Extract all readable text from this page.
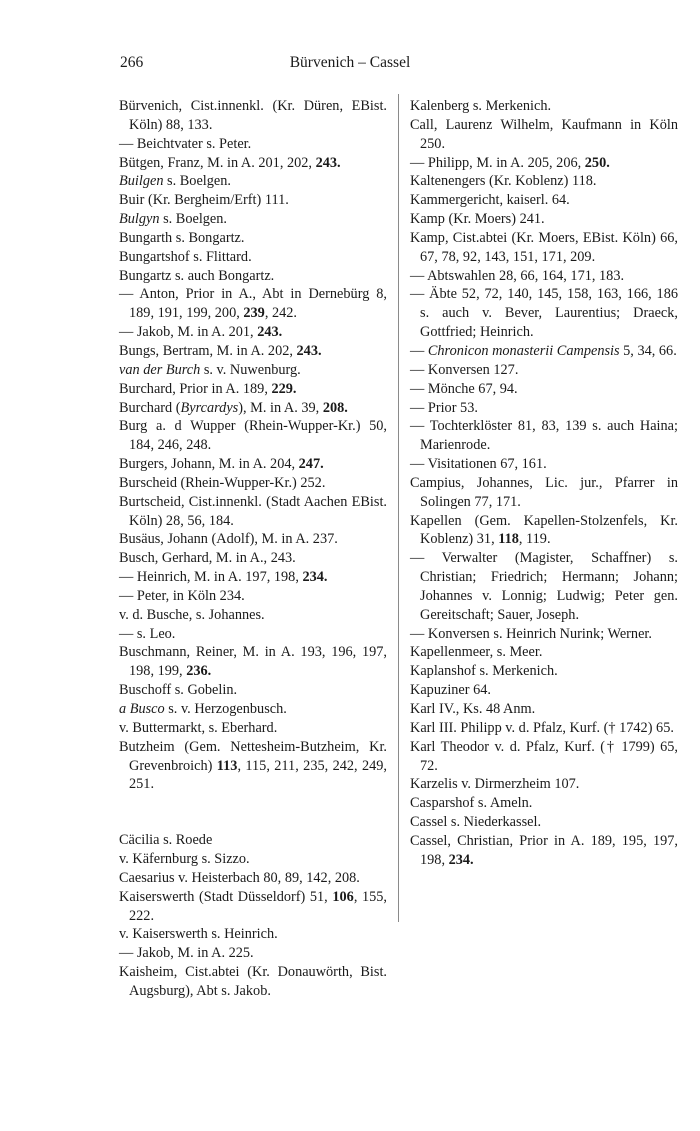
266	Bürvenich – Cassel

Bürvenich, Cist.innenkl. (Kr. Düren, EBist. Köln) 88, 133.

— Beichtvater s. Peter.

Bütgen, Franz, M. in A. 201, 202, 243.

Builgen s. Boelgen.

Buir (Kr. Bergheim/Erft) 111.

Bulgyn s. Boelgen.

Bungarth s. Bongartz.

Bungartshof s. Flittard.

Bungartz s. auch Bongartz.

— Anton, Prior in A., Abt in Dernebürg 8, 189, 191, 199, 200, 239, 242.

— Jakob, M. in A. 201, 243.

Bungs, Bertram, M. in A. 202, 243.

van der Burch s. v. Nuwenburg.

Burchard, Prior in A. 189, 229.

Burchard (Byrcardys), M. in A. 39, 208.

Burg a. d Wupper (Rhein-Wupper-Kr.) 50, 184, 246, 248.

Burgers, Johann, M. in A. 204, 247.

Burscheid (Rhein-Wupper-Kr.) 252.

Burtscheid, Cist.innenkl. (Stadt Aachen EBist. Köln) 28, 56, 184.

Busäus, Johann (Adolf), M. in A. 237.

Busch, Gerhard, M. in A., 243.

— Heinrich, M. in A. 197, 198, 234.

— Peter, in Köln 234.

v. d. Busche, s. Johannes.

— s. Leo.

Buschmann, Reiner, M. in A. 193, 196, 197, 198, 199, 236.

Buschoff s. Gobelin.

a Busco s. v. Herzogenbusch.

v. Buttermarkt, s. Eberhard.

Butzheim (Gem. Nettesheim-Butzheim, Kr. Grevenbroich) 113, 115, 211, 235, 242, 249, 251.

Cäcilia s. Roede

v. Käfernburg s. Sizzo.

Caesarius v. Heisterbach 80, 89, 142, 208.

Kaiserswerth (Stadt Düsseldorf) 51, 106, 155, 222.

v. Kaiserswerth s. Heinrich.

— Jakob, M. in A. 225.

Kaisheim, Cist.abtei (Kr. Donauwörth, Bist. Augsburg), Abt s. Jakob.

Kalenberg s. Merkenich.

Call, Laurenz Wilhelm, Kaufmann in Köln 250.

— Philipp, M. in A. 205, 206, 250.

Kaltenengers (Kr. Koblenz) 118.

Kammergericht, kaiserl. 64.

Kamp (Kr. Moers) 241.

Kamp, Cist.abtei (Kr. Moers, EBist. Köln) 66, 67, 78, 92, 143, 151, 171, 209.

— Abtswahlen 28, 66, 164, 171, 183.

— Äbte 52, 72, 140, 145, 158, 163, 166, 186 s. auch v. Bever, Laurentius; Draeck, Gottfried; Heinrich.

— Chronicon monasterii Campensis 5, 34, 66.

— Konversen 127.

— Mönche 67, 94.

— Prior 53.

— Tochterklöster 81, 83, 139 s. auch Haina; Marienrode.

— Visitationen 67, 161.

Campius, Johannes, Lic. jur., Pfarrer in Solingen 77, 171.

Kapellen (Gem. Kapellen-Stolzenfels, Kr. Koblenz) 31, 118, 119.

— Verwalter (Magister, Schaffner) s. Christian; Friedrich; Hermann; Johann; Johannes v. Lonnig; Ludwig; Peter gen. Gereitschaft; Sauer, Joseph.

— Konversen s. Heinrich Nurink; Werner.

Kapellenmeer, s. Meer.

Kaplanshof s. Merkenich.

Kapuziner 64.

Karl IV., Ks. 48 Anm.

Karl III. Philipp v. d. Pfalz, Kurf. († 1742) 65.

Karl Theodor v. d. Pfalz, Kurf. († 1799) 65, 72.

Karzelis v. Dirmerzheim 107.

Casparshof s. Ameln.

Cassel s. Niederkassel.

Cassel, Christian, Prior in A. 189, 195, 197, 198, 234.
